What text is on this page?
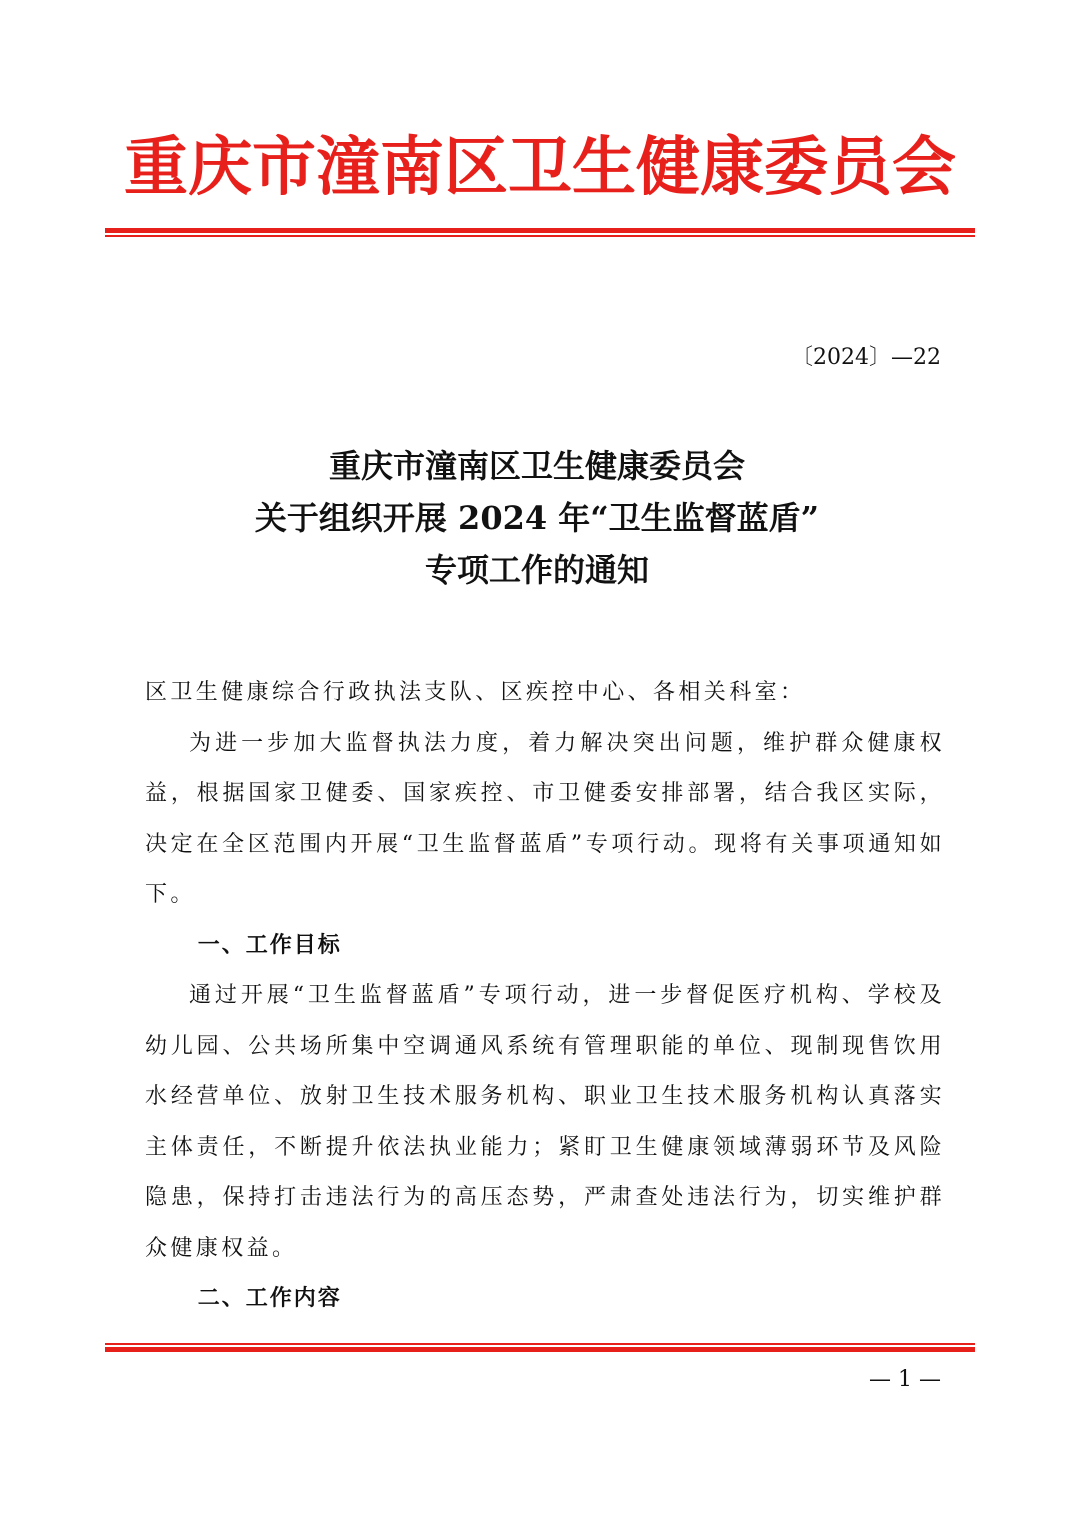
重庆市潼南区卫生健康委员会
〔2024〕—22
重庆市潼南区卫生健康委员会
关于组织开展 2024 年“卫生监督蓝盾”
专项工作的通知

区卫生健康综合行政执法支队、区疾控中心、各相关科室：

为进一步加大监督执法力度，着力解决突出问题，维护群众健康权益，根据国家卫健委、国家疾控、市卫健委安排部署，结合我区实际，决定在全区范围内开展“卫生监督蓝盾”专项行动。现将有关事项通知如下。

一、工作目标

通过开展“卫生监督蓝盾”专项行动，进一步督促医疗机构、学校及幼儿园、公共场所集中空调通风系统有管理职能的单位、现制现售饮用水经营单位、放射卫生技术服务机构、职业卫生技术服务机构认真落实主体责任，不断提升依法执业能力；紧盯卫生健康领域薄弱环节及风险隐患，保持打击违法行为的高压态势，严肃查处违法行为，切实维护群众健康权益。

二、工作内容

— 1 —
